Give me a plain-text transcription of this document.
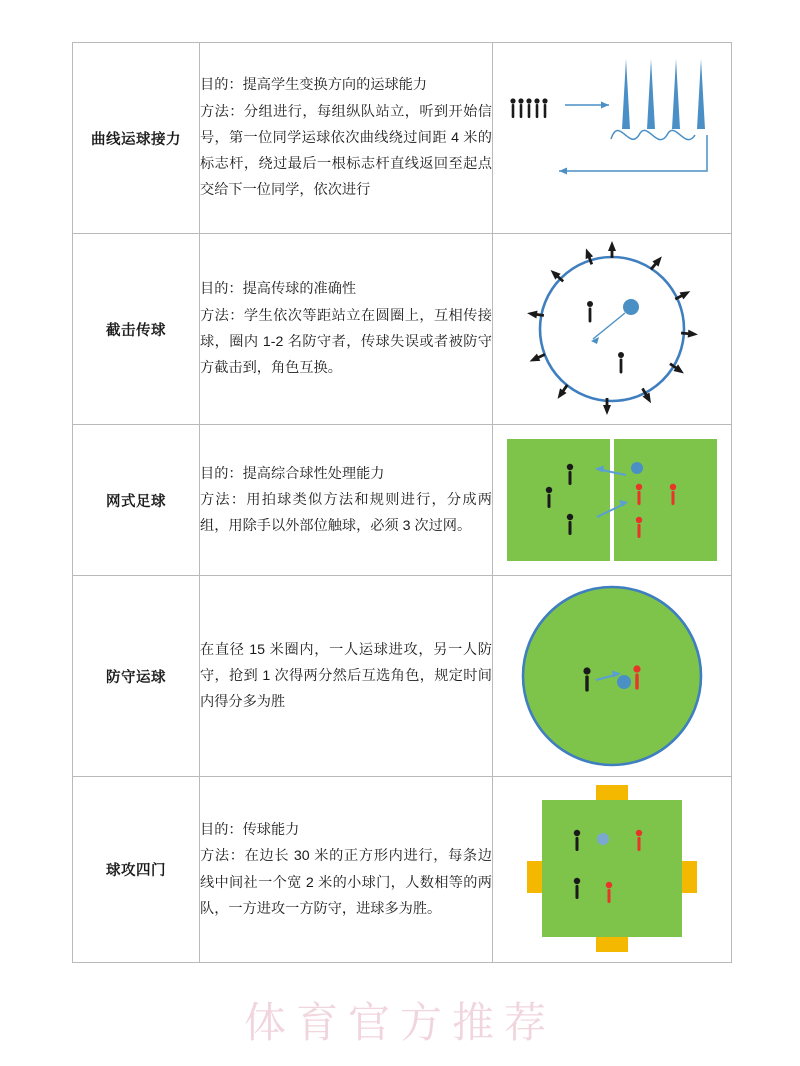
曲线运球接力	目的：提高学生变换方向的运球能力
方法：分组进行，每组纵队站立，听到开始信号，第一位同学运球依次曲线绕过间距 4 米的标志杆，绕过最后一根标志杆直线返回至起点交给下一位同学，依次进行

截击传球	目的：提高传球的准确性
方法：学生依次等距站立在圆圈上，互相传接球，圈内 1-2 名防守者，传球失误或者被防守方截击到，角色互换。

网式足球	目的：提高综合球性处理能力
方法：用拍球类似方法和规则进行，分成两组，用除手以外部位触球，必须 3 次过网。

防守运球	在直径 15 米圈内，一人运球进攻，另一人防守，抢到 1 次得两分然后互选角色，规定时间内得分多为胜

球攻四门	目的：传球能力
方法：在边长 30 米的正方形内进行，每条边线中间社一个宽 2 米的小球门，人数相等的两队，一方进攻一方防守，进球多为胜。

体育官方推荐
